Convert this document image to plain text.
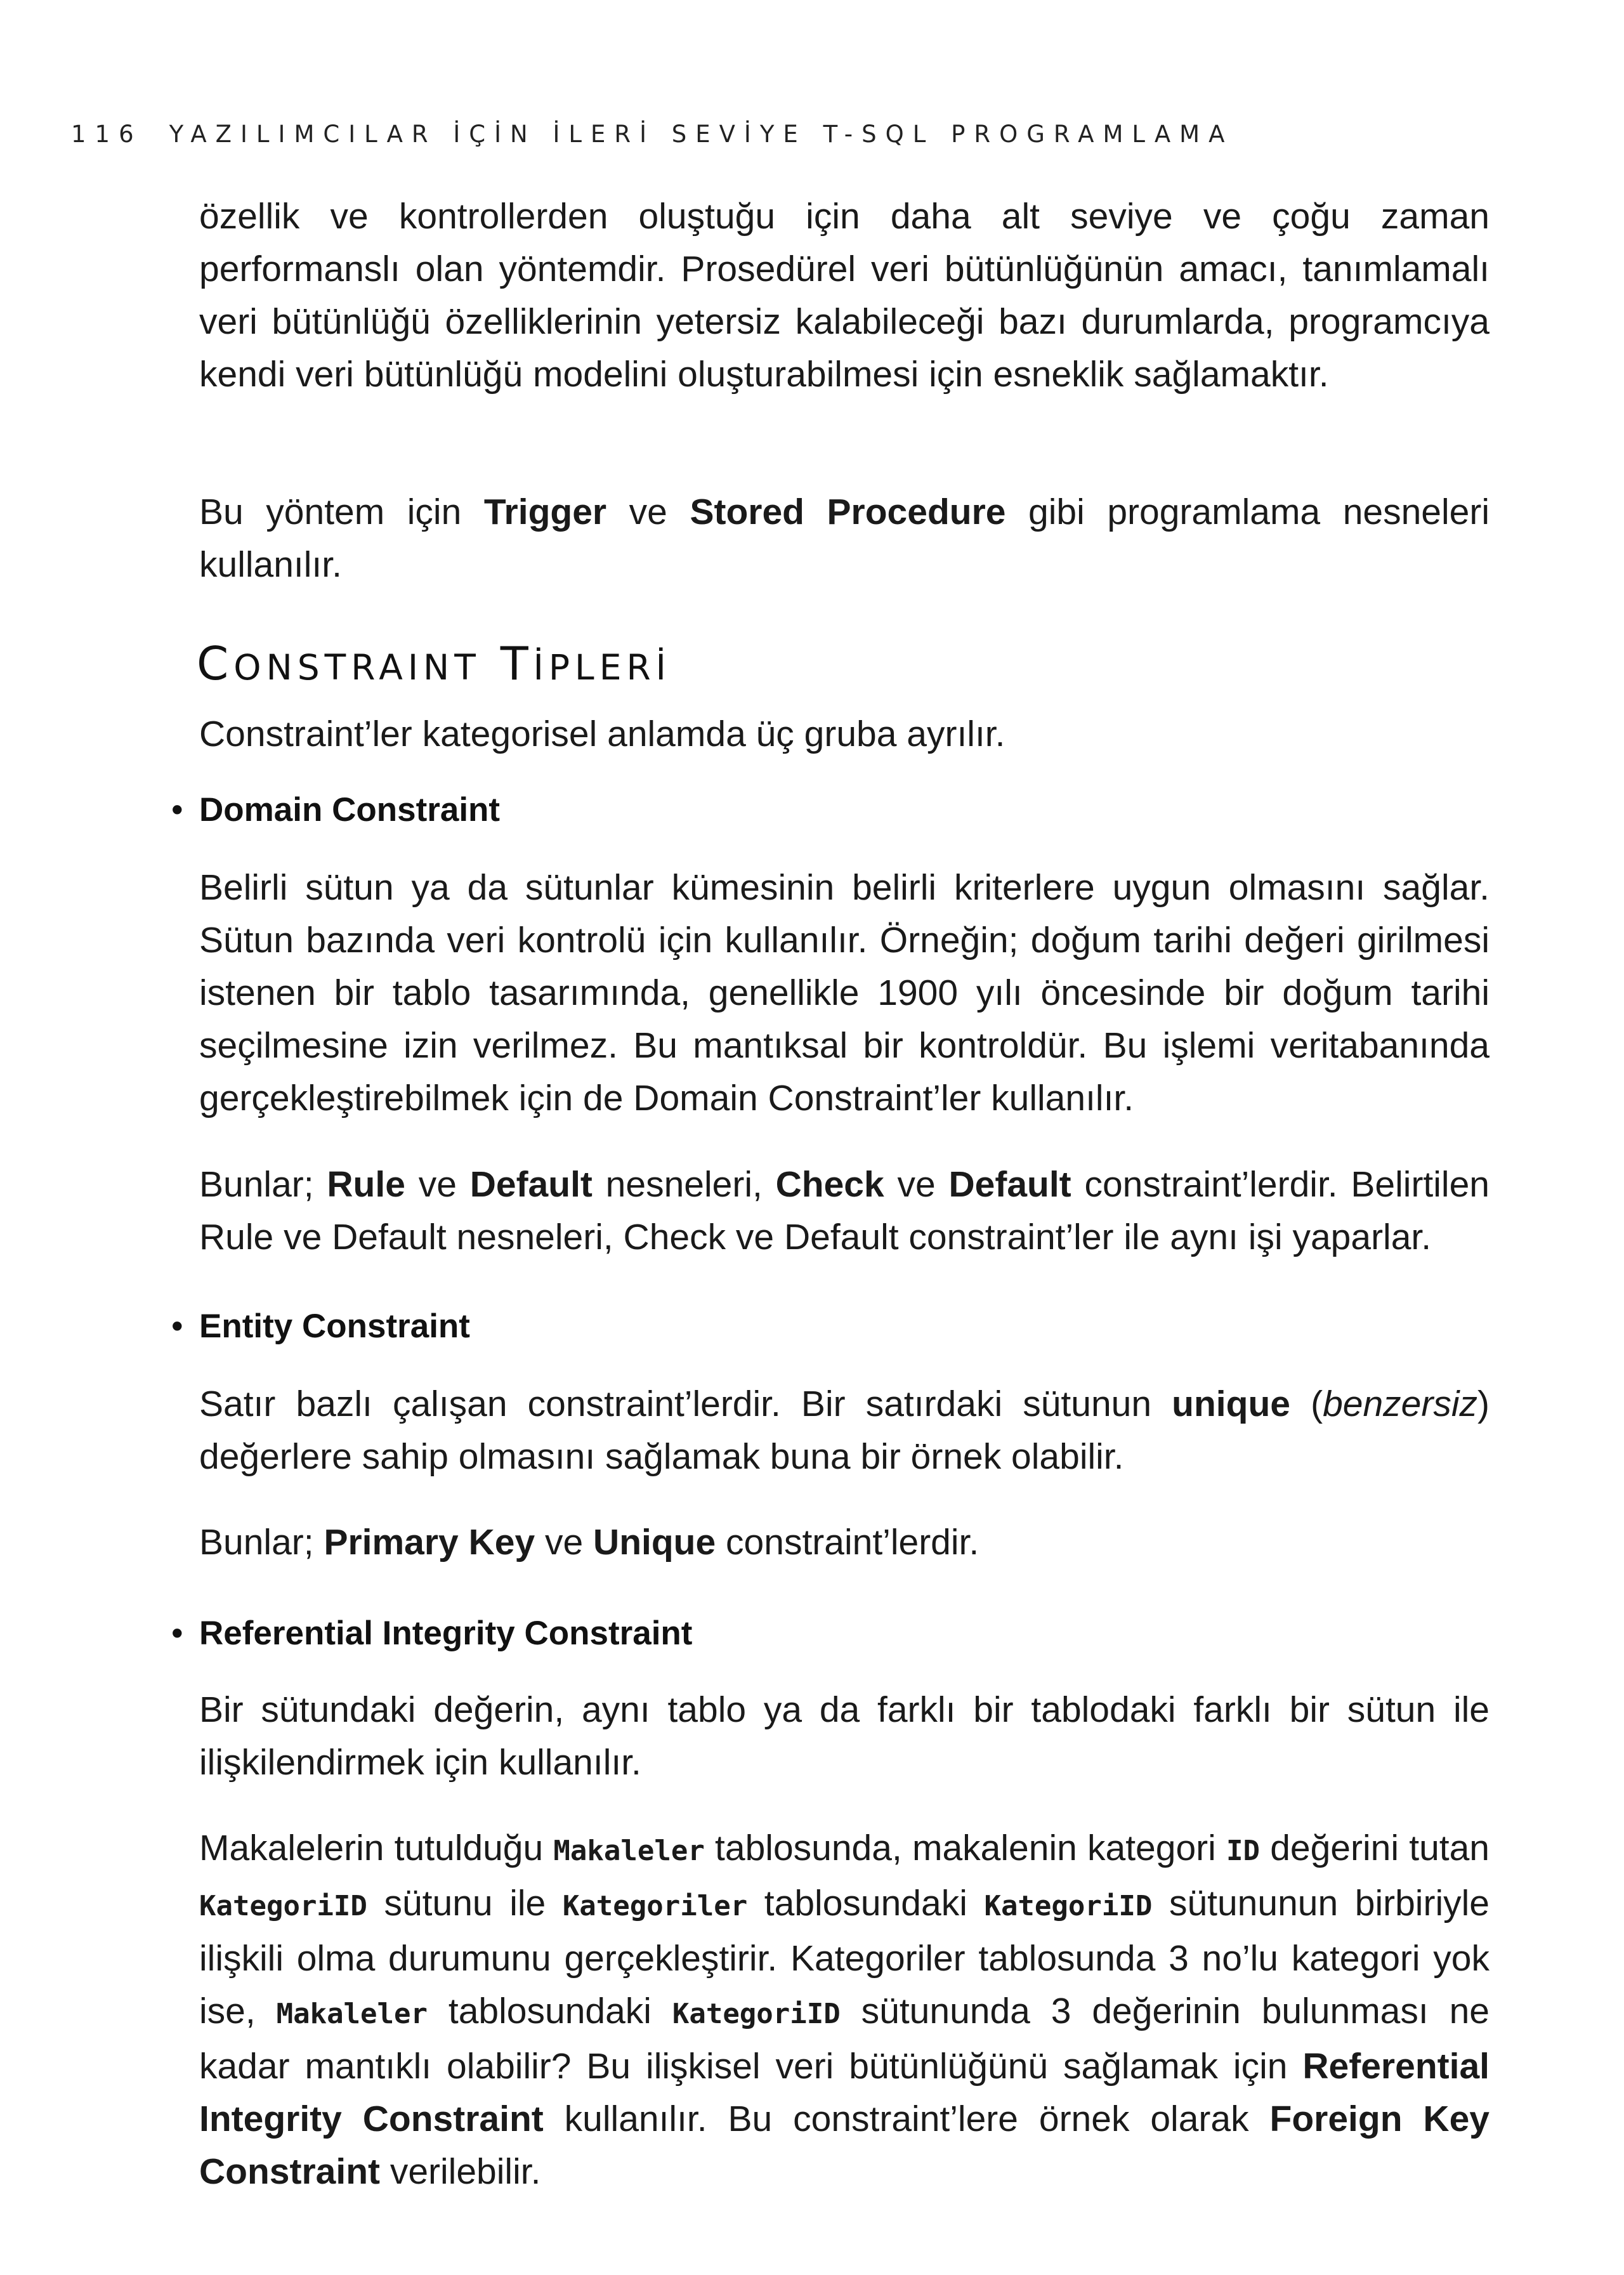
116 YAZILIMCILAR İÇİN İLERİ SEVİYE T-SQL PROGRAMLAMA

özellik ve kontrollerden oluştuğu için daha alt seviye ve çoğu zaman performanslı olan yöntemdir. Prosedürel veri bütünlüğünün amacı, tanımlamalı veri bütünlüğü özelliklerinin yetersiz kalabileceği bazı durumlarda, programcıya kendi veri bütünlüğü modelini oluşturabilmesi için esneklik sağlamaktır.

Bu yöntem için Trigger ve Stored Procedure gibi programlama nesneleri kullanılır.

CONSTRAINT TİPLERİ

Constraint’ler kategorisel anlamda üç gruba ayrılır.

• Domain Constraint

Belirli sütun ya da sütunlar kümesinin belirli kriterlere uygun olmasını sağlar. Sütun bazında veri kontrolü için kullanılır. Örneğin; doğum tarihi değeri girilmesi istenen bir tablo tasarımında, genellikle 1900 yılı öncesinde bir doğum tarihi seçilmesine izin verilmez. Bu mantıksal bir kontroldür. Bu işlemi veritabanında gerçekleştirebilmek için de Domain Constraint’ler kullanılır.

Bunlar; Rule ve Default nesneleri, Check ve Default constraint’lerdir. Belirtilen Rule ve Default nesneleri, Check ve Default constraint’ler ile aynı işi yaparlar.

• Entity Constraint

Satır bazlı çalışan constraint’lerdir. Bir satırdaki sütunun unique (benzersiz) değerlere sahip olmasını sağlamak buna bir örnek olabilir.

Bunlar; Primary Key ve Unique constraint’lerdir.

• Referential Integrity Constraint

Bir sütundaki değerin, aynı tablo ya da farklı bir tablodaki farklı bir sütun ile ilişkilendirmek için kullanılır.

Makalelerin tutulduğu Makaleler tablosunda, makalenin kategori ID değerini tutan KategoriID sütunu ile Kategoriler tablosundaki KategoriID sütununun birbiriyle ilişkili olma durumunu gerçekleştirir. Kategoriler tablosunda 3 no’lu kategori yok ise, Makaleler tablosundaki KategoriID sütununda 3 değerinin bulunması ne kadar mantıklı olabilir? Bu ilişkisel veri bütünlüğünü sağlamak için Referential Integrity Constraint kullanılır. Bu constraint’lere örnek olarak Foreign Key Constraint verilebilir.
